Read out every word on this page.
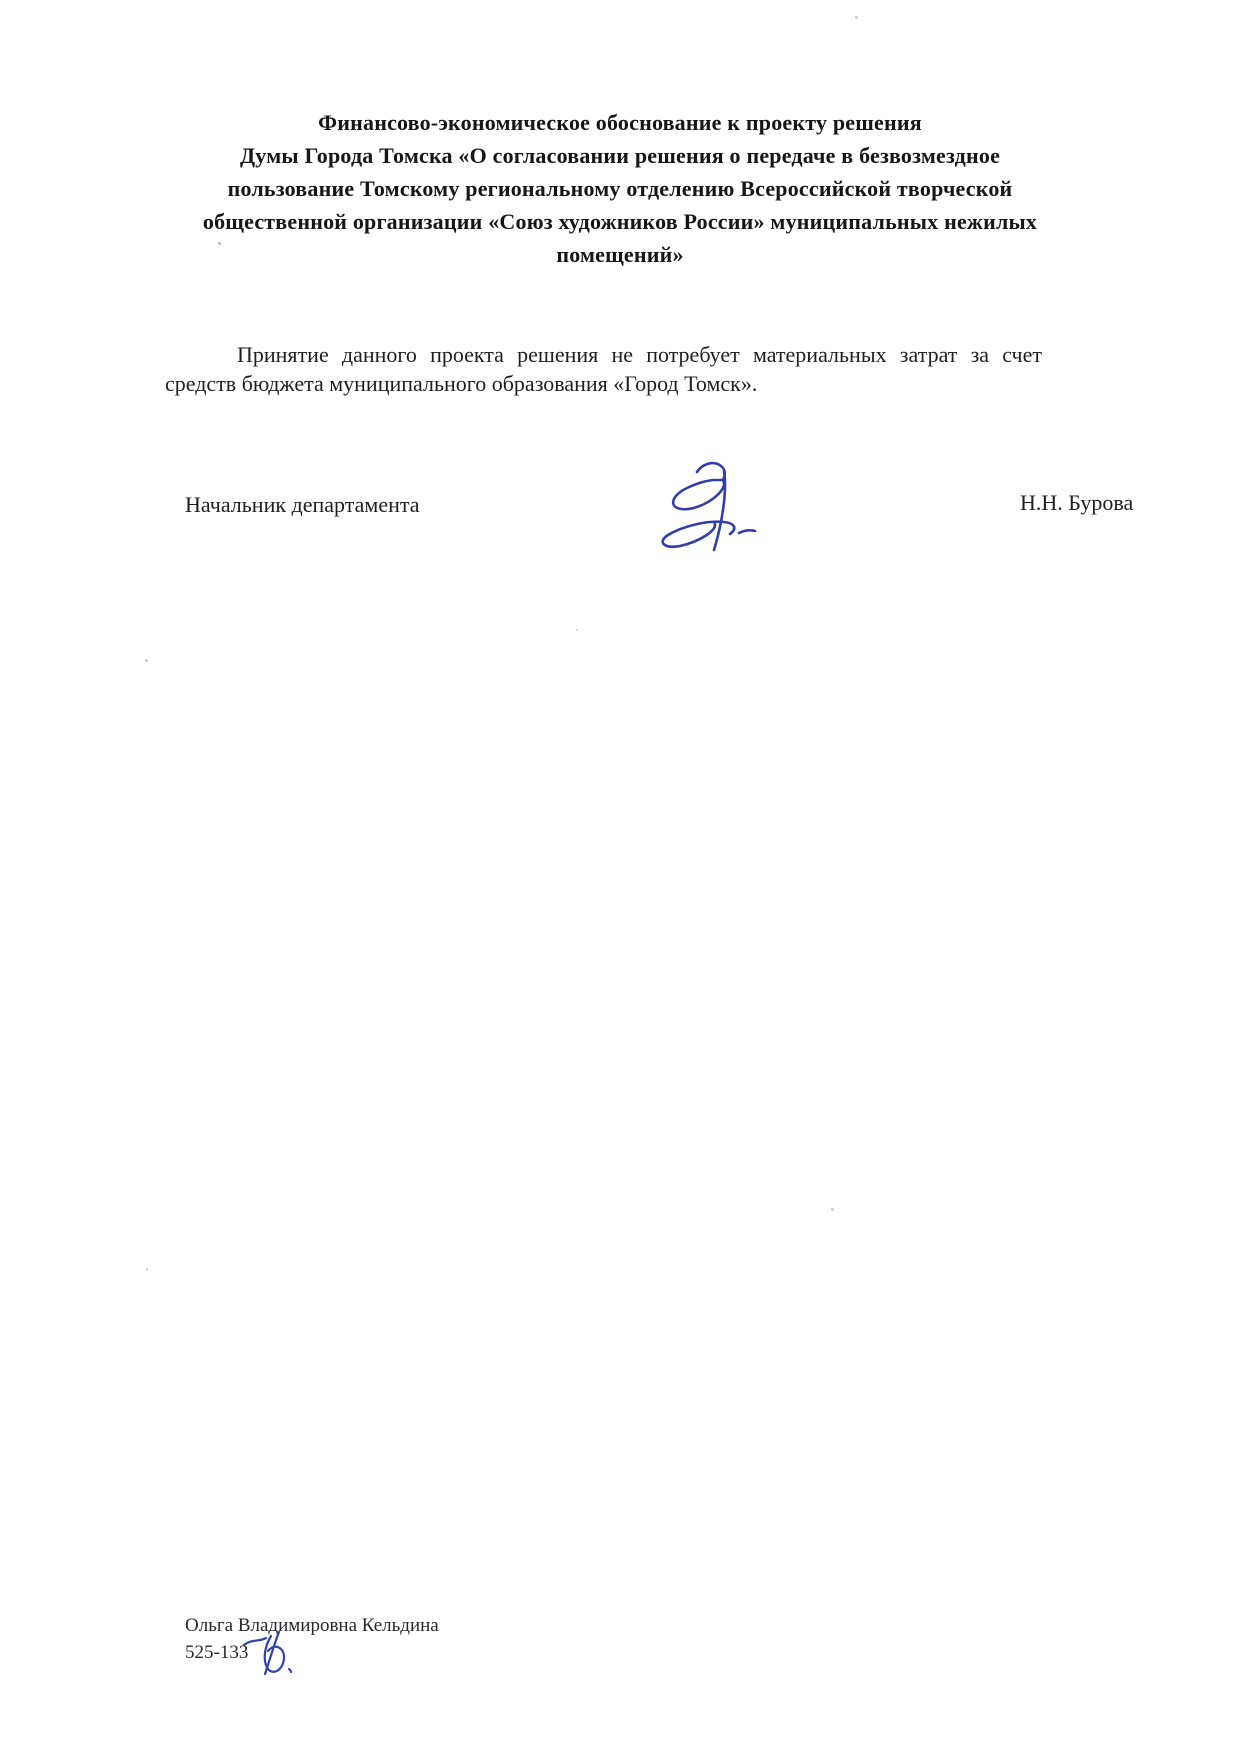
Финансово-экономическое обоснование к проекту решения
Думы Города Томска «О согласовании решения о передаче в безвозмездное
пользование Томскому региональному отделению Всероссийской творческой
общественной организации «Союз художников России» муниципальных нежилых
помещений»
Принятие данного проекта решения не потребует материальных затрат за счет
средств бюджета муниципального образования «Город Томск».
Начальник департамента	Н.Н. Бурова
Ольга Владимировна Кельдина
525-133
